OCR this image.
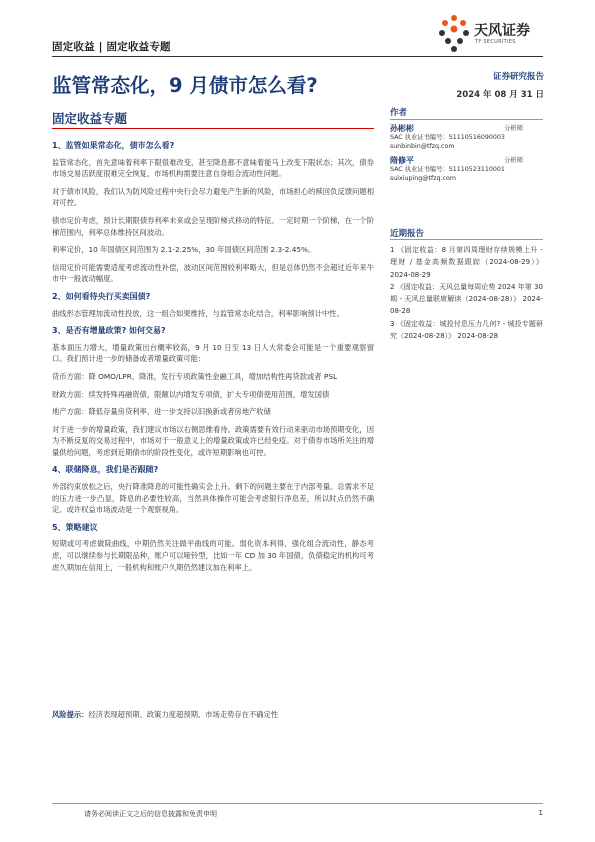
固定收益 | 固定收益专题
天风证券
TF SECURITIES
监管常态化，9 月债市怎么看?	证券研究报告
2024 年 08 月 31 日
固定收益专题
1、监管如果常态化，债市怎么看?

监管常态化，首先意味着利率下限很难改变，甚至降息都不意味着能马上改变下限状态；其次，债券市场交易活跃度很难完全恢复，市场机构需要注意自身组合流动性问题。

对于债市风险，我们认为防风险过程中央行会尽力避免产生新的风险，市场担心的赎回负反馈问题相对可控。

债市定价考虑，预计长期限债券利率未来或会呈现阶梯式移动的特征。一定时期一个阶梯，在一个阶梯范围内，利率总体维持区间波动。

利率定价，10 年国债区间范围为 2.1-2.25%，30 年国债区间范围 2.3-2.45%。

信用定价可能需要适度考虑流动性补偿，波动区间范围较利率略大，但是总体仍然不会超过近年来牛市中一般波动幅度。

2、如何看待央行买卖国债?

曲线形态管理加流动性投放，这一组合如果维持，与监管常态化结合，利率影响预计中性。

3、是否有增量政策? 如何交易?

基本面压力增大，增量政策出台概率较高，9 月 10 日至 13 日人大常委会可能是一个重要观察窗口。我们预计进一步的储备或者增量政策可能：

货币方面：降 OMO/LPR，降准，发行专项政策性金融工具，增加结构性再贷款或者 PSL

财政方面：续发特殊再融资债，限额以内增发专项债，扩大专项债使用范围，增发国债

地产方面：降低存量房贷利率、进一步支持以旧换新或者房地产收储

对于进一步的增量政策，我们建议市场以右侧思维看待。政策需要有效行动来驱动市场预期变化，因为不断反复的交易过程中，市场对于一般意义上的增量政策或许已经免疫。对于债券市场所关注的增量供给问题，考虑到近期债市的阶段性变化，或许短期影响也可控。

4、联储降息，我们是否跟随?

外部约束放松之后，央行降准降息的可能性确实会上升。剩下的问题主要在于内部考量。总需求不足的压力进一步凸显，降息的必要性较高，当然具体操作可能会考虑银行净息差，所以时点仍然不确定。或许权益市场波动是一个观察视角。

5、策略建议

短期或可考虑做陡曲线，中期仍然关注做平曲线的可能。弱化资本利得，强化组合流动性，静态考虑，可以继续参与长期限品种，账户可以哑铃型，比如一年 CD 加 30 年国债，负债稳定的机构可考虑久期加在信用上，一般机构和账户久期仍然建议加在利率上。

风险提示：经济表现超预期、政策力度超预期、市场走势存在不确定性
作者
孙彬彬	分析师
SAC 执业证书编号：S1110516090003
sunbinbin@tfzq.com
隋修平	分析师
SAC 执业证书编号：S1110523110001
suixiuping@tfzq.com
近期报告
1 《固定收益：8 月第四周理财存续规模上升 - 理财 / 基金高频数据跟踪（2024-08-29）》 2024-08-29
2 《固定收益：天风总量每周论势 2024 年第 30 期 - 天风总量联席解读（2024-08-28）》 2024-08-28
3 《固定收益：城投付息压力几何? - 城投专题研究（2024-08-28）》 2024-08-28
请务必阅读正文之后的信息披露和免责申明	1
